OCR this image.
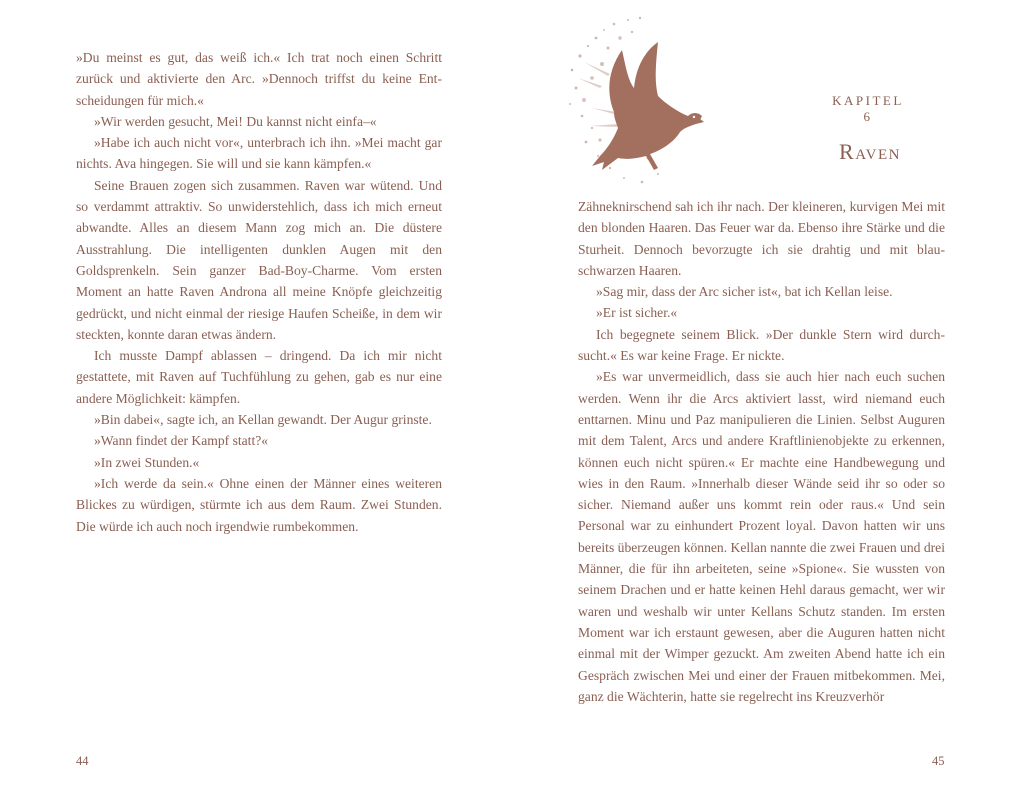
»Du meinst es gut, das weiß ich.« Ich trat noch einen Schritt zurück und aktivierte den Arc. »Dennoch triffst du keine Entscheidungen für mich.«

»Wir werden gesucht, Mei! Du kannst nicht einfa–«

»Habe ich auch nicht vor«, unterbrach ich ihn. »Mei macht gar nichts. Ava hingegen. Sie will und sie kann kämpfen.«

Seine Brauen zogen sich zusammen. Raven war wütend. Und so verdammt attraktiv. So unwiderstehlich, dass ich mich erneut abwandte. Alles an diesem Mann zog mich an. Die düstere Ausstrahlung. Die intelligenten dunklen Augen mit den Goldsprenkeln. Sein ganzer Bad-Boy-Charme. Vom ersten Moment an hatte Raven Androna all meine Knöpfe gleichzeitig gedrückt, und nicht einmal der riesige Haufen Scheiße, in dem wir steckten, konnte daran etwas ändern.

Ich musste Dampf ablassen – dringend. Da ich mir nicht gestattete, mit Raven auf Tuchfühlung zu gehen, gab es nur eine andere Möglichkeit: kämpfen.

»Bin dabei«, sagte ich, an Kellan gewandt. Der Augur grinste.

»Wann findet der Kampf statt?«

»In zwei Stunden.«

»Ich werde da sein.« Ohne einen der Männer eines weiteren Blickes zu würdigen, stürmte ich aus dem Raum. Zwei Stunden. Die würde ich auch noch irgendwie rumbekommen.

44
KAPITEL 6
Raven

Zähneknirschend sah ich ihr nach. Der kleineren, kurvigen Mei mit den blonden Haaren. Das Feuer war da. Ebenso ihre Stärke und die Sturheit. Dennoch bevorzugte ich sie drahtig und mit blau-schwarzen Haaren.

»Sag mir, dass der Arc sicher ist«, bat ich Kellan leise.

»Er ist sicher.«

Ich begegnete seinem Blick. »Der dunkle Stern wird durchsucht.« Es war keine Frage. Er nickte.

»Es war unvermeidlich, dass sie auch hier nach euch suchen werden. Wenn ihr die Arcs aktiviert lasst, wird niemand euch enttarnen. Minu und Paz manipulieren die Linien. Selbst Auguren mit dem Talent, Arcs und andere Kraftlinienobjekte zu erkennen, können euch nicht spüren.« Er machte eine Handbewegung und wies in den Raum. »Innerhalb dieser Wände seid ihr so oder so sicher. Niemand außer uns kommt rein oder raus.« Und sein Personal war zu einhundert Prozent loyal. Davon hatten wir uns bereits überzeugen können. Kellan nannte die zwei Frauen und drei Männer, die für ihn arbeiteten, seine »Spione«. Sie wussten von seinem Drachen und er hatte keinen Hehl daraus gemacht, wer wir waren und weshalb wir unter Kellans Schutz standen. Im ersten Moment war ich erstaunt gewesen, aber die Auguren hatten nicht einmal mit der Wimper gezuckt. Am zweiten Abend hatte ich ein Gespräch zwischen Mei und einer der Frauen mitbekommen. Mei, ganz die Wächterin, hatte sie regelrecht ins Kreuzverhör

45
